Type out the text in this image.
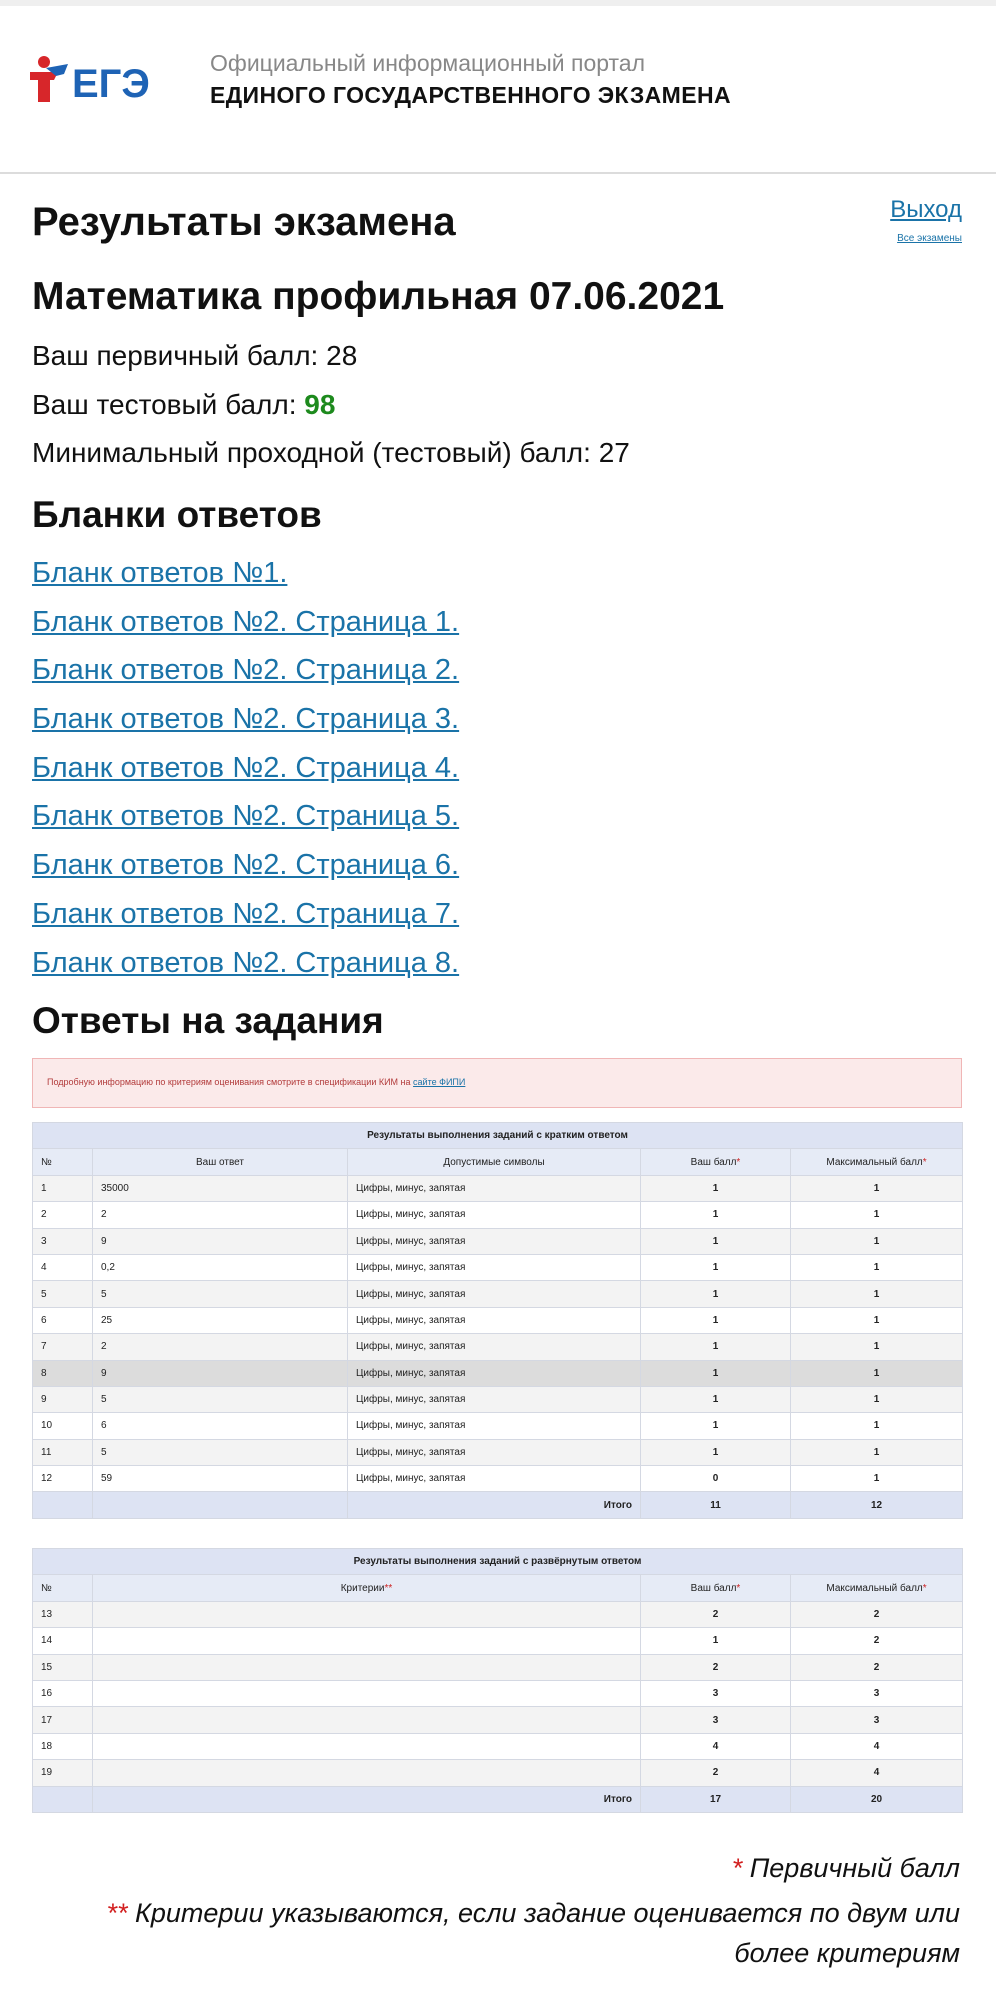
ЕГЭ	Официальный информационный портал
ЕДИНОГО ГОСУДАРСТВЕННОГО ЭКЗАМЕНА
Выход
Все экзамены
Результаты экзамена
Математика профильная 07.06.2021
Ваш первичный балл: 28
Ваш тестовый балл: 98
Минимальный проходной (тестовый) балл: 27
Бланки ответов
Бланк ответов №1.
Бланк ответов №2. Страница 1.
Бланк ответов №2. Страница 2.
Бланк ответов №2. Страница 3.
Бланк ответов №2. Страница 4.
Бланк ответов №2. Страница 5.
Бланк ответов №2. Страница 6.
Бланк ответов №2. Страница 7.
Бланк ответов №2. Страница 8.
Ответы на задания
Подробную информацию по критериям оценивания смотрите в спецификации КИМ на сайте ФИПИ
Результаты выполнения заданий с кратким ответом				
№	Ваш ответ	Допустимые символы	Ваш балл*	Максимальный балл*
1	35000	Цифры, минус, запятая	1	1
2	2	Цифры, минус, запятая	1	1
3	9	Цифры, минус, запятая	1	1
4	0,2	Цифры, минус, запятая	1	1
5	5	Цифры, минус, запятая	1	1
6	25	Цифры, минус, запятая	1	1
7	2	Цифры, минус, запятая	1	1
8	9	Цифры, минус, запятая	1	1
9	5	Цифры, минус, запятая	1	1
10	6	Цифры, минус, запятая	1	1
11	5	Цифры, минус, запятая	1	1
12	59	Цифры, минус, запятая	0	1
		Итого	11	12
Результаты выполнения заданий с развёрнутым ответом			
№	Критерии**	Ваш балл*	Максимальный балл*
13		2	2
14		1	2
15		2	2
16		3	3
17		3	3
18		4	4
19		2	4
	Итого	17	20
* Первичный балл
** Критерии указываются, если задание оценивается по двум или более критериям
